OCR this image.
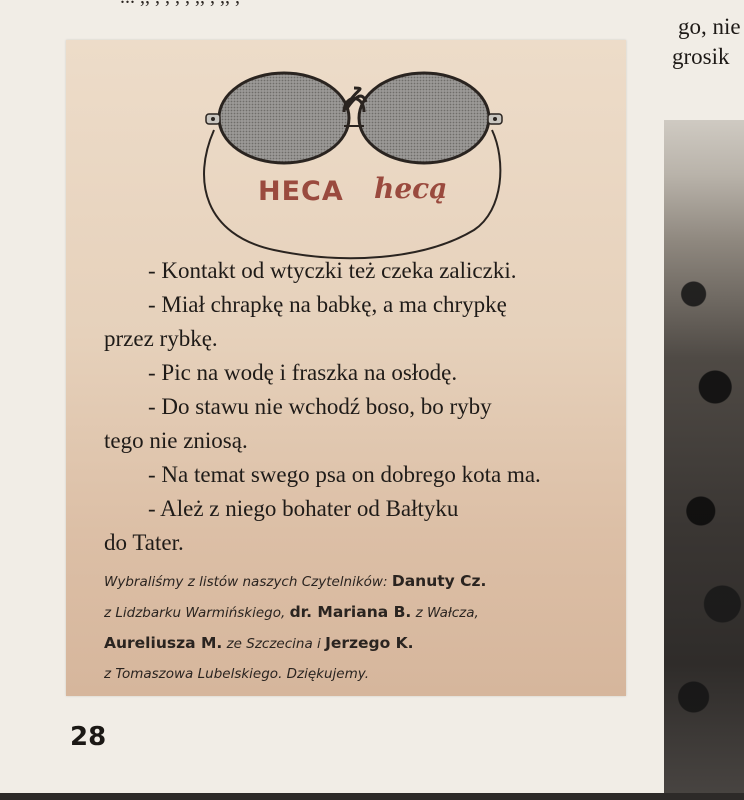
go, nie
grosik
HECA hecą

- Kontakt od wtyczki też czeka zaliczki.

- Miał chrapkę na babkę, a ma chrypkę

przez rybkę.

- Pic na wodę i fraszka na osłodę.

- Do stawu nie wchodź boso, bo ryby

tego nie zniosą.

- Na temat swego psa on dobrego kota ma.

- Ależ z niego bohater od Bałtyku

do Tater.

Wybraliśmy z listów naszych Czytelników: Danuty Cz.

z Lidzbarku Warmińskiego, dr. Mariana B. z Wałcza,

Aureliusza M. ze Szczecina i Jerzego K.

z Tomaszowa Lubelskiego. Dziękujemy.

28
